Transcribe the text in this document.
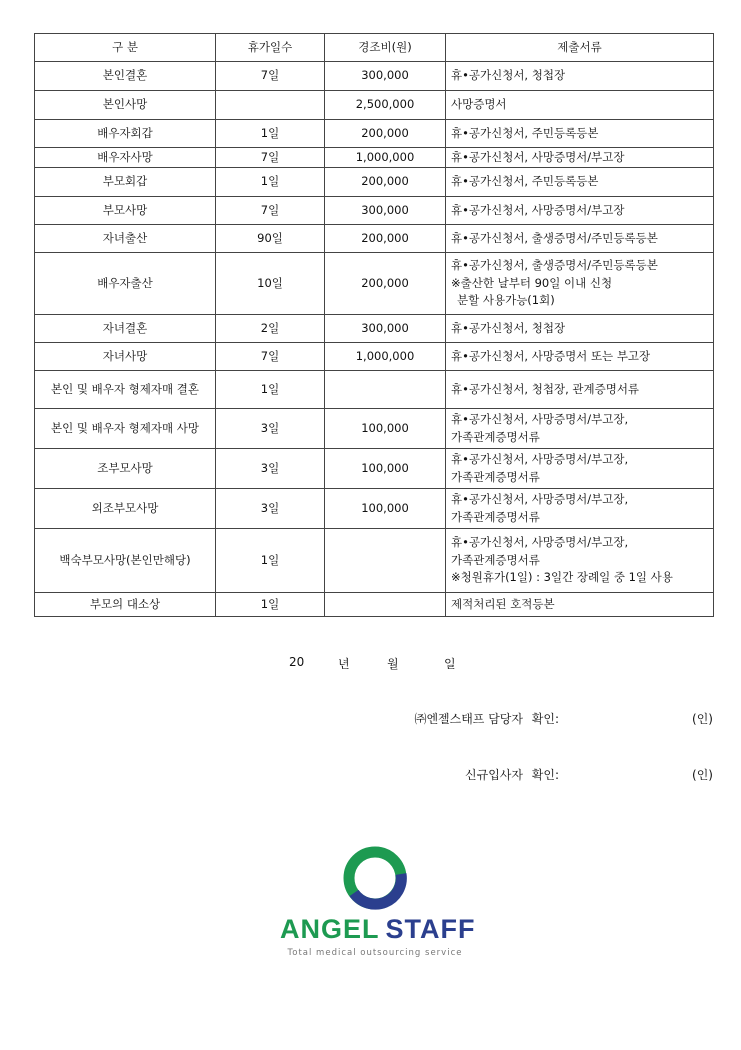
구 분	휴가일수	경조비(원)	제출서류
본인결혼	7일	300,000	휴•공가신청서, 청첩장

본인사망		2,500,000	사망증명서

배우자회갑	1일	200,000	휴•공가신청서, 주민등록등본

배우자사망	7일	1,000,000	휴•공가신청서, 사망증명서/부고장

부모회갑	1일	200,000	휴•공가신청서, 주민등록등본

부모사망	7일	300,000	휴•공가신청서, 사망증명서/부고장

자녀출산	90일	200,000	휴•공가신청서, 출생증명서/주민등록등본

배우자출산	10일	200,000	휴•공가신청서, 출생증명서/주민등록등본
※출산한 날부터 90일 이내 신청
분할 사용가능(1회)

자녀결혼	2일	300,000	휴•공가신청서, 청첩장

자녀사망	7일	1,000,000	휴•공가신청서, 사망증명서 또는 부고장

본인 및 배우자 형제자매 결혼	1일		휴•공가신청서, 청첩장, 관계증명서류

본인 및 배우자 형제자매 사망	3일	100,000	휴•공가신청서, 사망증명서/부고장,
가족관계증명서류

조부모사망	3일	100,000	휴•공가신청서, 사망증명서/부고장,
가족관계증명서류

외조부모사망	3일	100,000	휴•공가신청서, 사망증명서/부고장,
가족관계증명서류

백숙부모사망(본인만해당)	1일		휴•공가신청서, 사망증명서/부고장,
가족관계증명서류
※청원휴가(1일) : 3일간 장례일 중 1일 사용

부모의 대소상	1일		제적처리된 호적등본
20	년	월	일
㈜엔젤스태프 담당자 확인:	(인)
신규입사자 확인:	(인)
ANGEL STAFF
Total medical outsourcing service
